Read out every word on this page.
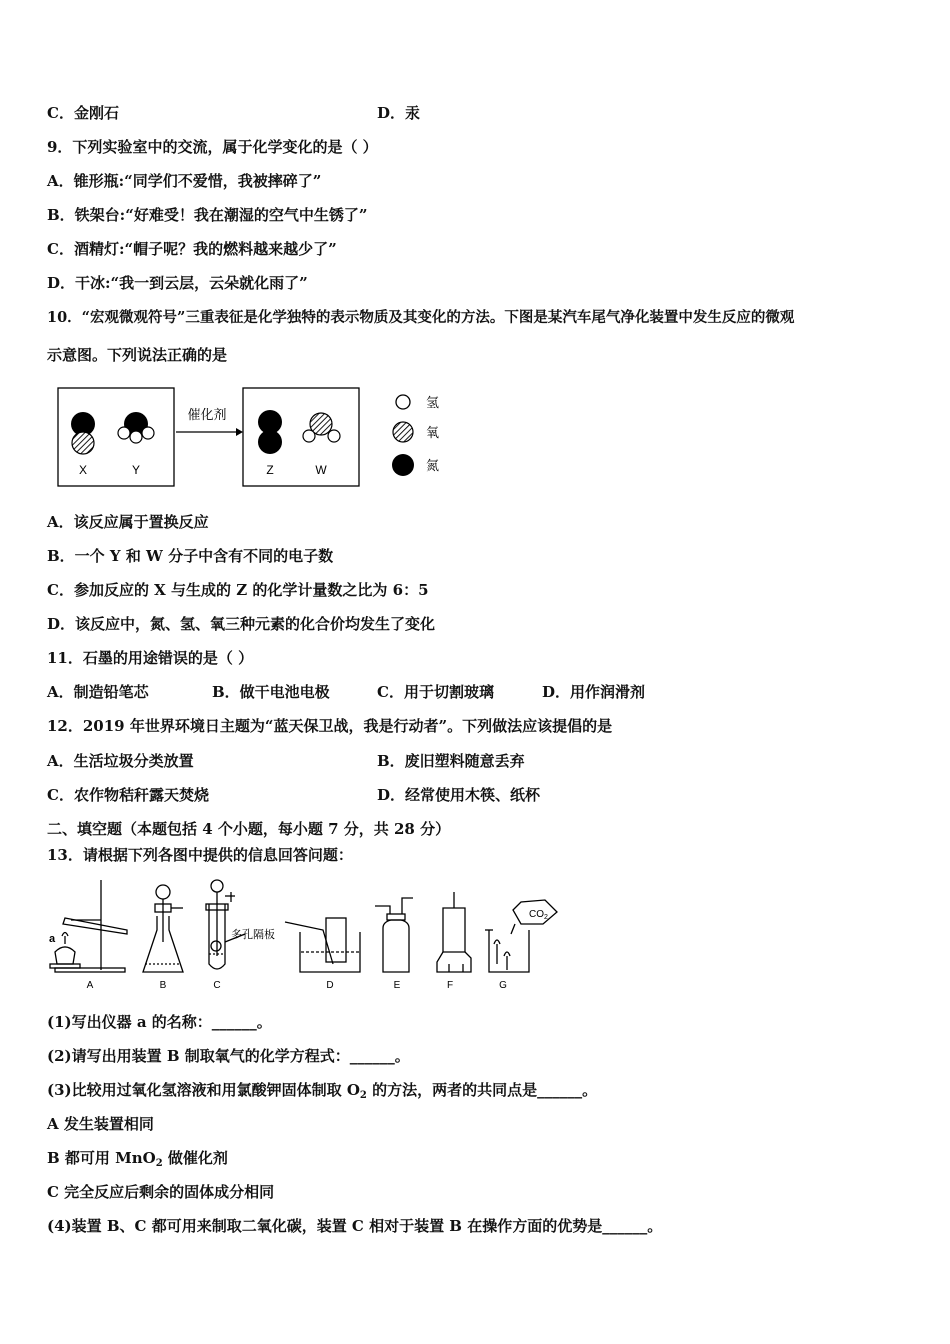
C．金刚石	D．汞
9．下列实验室中的交流，属于化学变化的是（ ）
A．锥形瓶:“同学们不爱惜，我被摔碎了”
B．铁架台:“好难受！我在潮湿的空气中生锈了”
C．酒精灯:“帽子呢？我的燃料越来越少了”
D．干冰:“我一到云层，云朵就化雨了”
10．“宏观微观符号”三重表征是化学独特的表示物质及其变化的方法。下图是某汽车尾气净化装置中发生反应的微观
示意图。下列说法正确的是
X	Y
催化剂
Z	W
氢
氧
氮
A．该反应属于置换反应
B．一个 Y 和 W 分子中含有不同的电子数
C．参加反应的 X 与生成的 Z 的化学计量数之比为 6：5
D．该反应中，氮、氢、氧三种元素的化合价均发生了变化
11．石墨的用途错误的是（ ）
A．制造铅笔芯	B．做干电池电极	C．用于切割玻璃	D．用作润滑剂
12．2019 年世界环境日主题为“蓝天保卫战，我是行动者”。下列做法应该提倡的是
A．生活垃圾分类放置	B．废旧塑料随意丢弃
C．农作物秸秆露天焚烧	D．经常使用木筷、纸杯
二、填空题（本题包括 4 个小题，每小题 7 分，共 28 分）
13．请根据下列各图中提供的信息回答问题：
a	多孔隔板
$CO_2$
A	B	C	D	E	F	G
(1)写出仪器 a 的名称：______。
(2)请写出用装置 B 制取氧气的化学方程式：______。
(3)比较用过氧化氢溶液和用氯酸钾固体制取 $O_2$ 的方法，两者的共同点是______。
A 发生装置相同
B 都可用 MnO$_2$ 做催化剂
C 完全反应后剩余的固体成分相同
(4)装置 B、C 都可用来制取二氧化碳，装置 C 相对于装置 B 在操作方面的优势是______。
